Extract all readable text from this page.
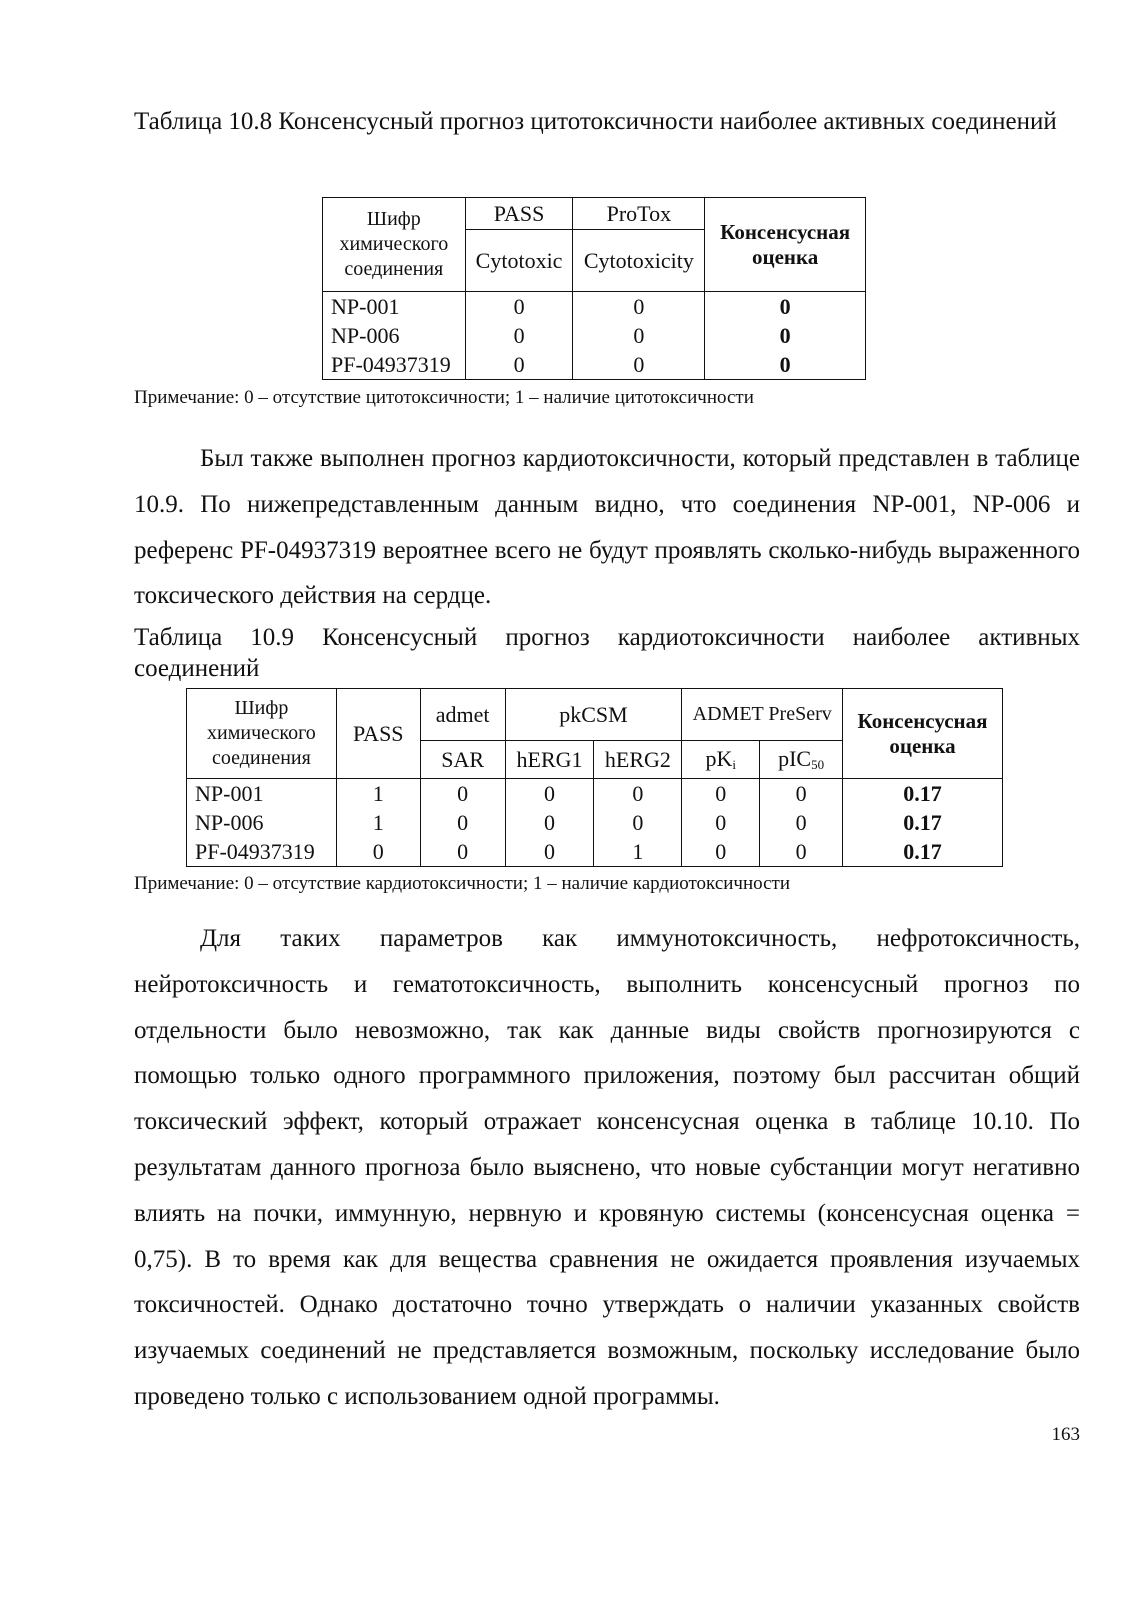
Таблица 10.8 Консенсусный прогноз цитотоксичности наиболее активных соединений
Шифр химического соединения	PASS	ProTox	Консенсусная оценка
	Cytotoxic	Cytotoxicity	
NP-001	0	0	0
NP-006	0	0	0
PF-04937319	0	0	0
Примечание: 0 – отсутствие цитотоксичности; 1 – наличие цитотоксичности

Был также выполнен прогноз кардиотоксичности, который представлен в таблице 10.9. По нижепредставленным данным видно, что соединения NP-001, NP-006 и референс PF-04937319 вероятнее всего не будут проявлять сколько-нибудь выраженного токсического действия на сердце.

Таблица 10.9 Консенсусный прогноз кардиотоксичности наиболее активных соединений
Шифр химического соединения	PASS	admet	pkCSM		ADMET PreServ		Консенсусная оценка
		SAR	hERG1	hERG2	$pK_i$	pIC$_{50}$
NP-001	1	0	0	0	0	0	0.17
NP-006	1	0	0	0	0	0	0.17
PF-04937319	0	0	0	1	0	0	0.17
Примечание: 0 – отсутствие кардиотоксичности; 1 – наличие кардиотоксичности

Для таких параметров как иммунотоксичность, нефротоксичность, нейротоксичность и гематотоксичность, выполнить консенсусный прогноз по отдельности было невозможно, так как данные виды свойств прогнозируются с помощью только одного программного приложения, поэтому был рассчитан общий токсический эффект, который отражает консенсусная оценка в таблице 10.10. По результатам данного прогноза было выяснено, что новые субстанции могут негативно влиять на почки, иммунную, нервную и кровяную системы (консенсусная оценка = 0,75). В то время как для вещества сравнения не ожидается проявления изучаемых токсичностей. Однако достаточно точно утверждать о наличии указанных свойств изучаемых соединений не представляется возможным, поскольку исследование было проведено только с использованием одной программы.

163
